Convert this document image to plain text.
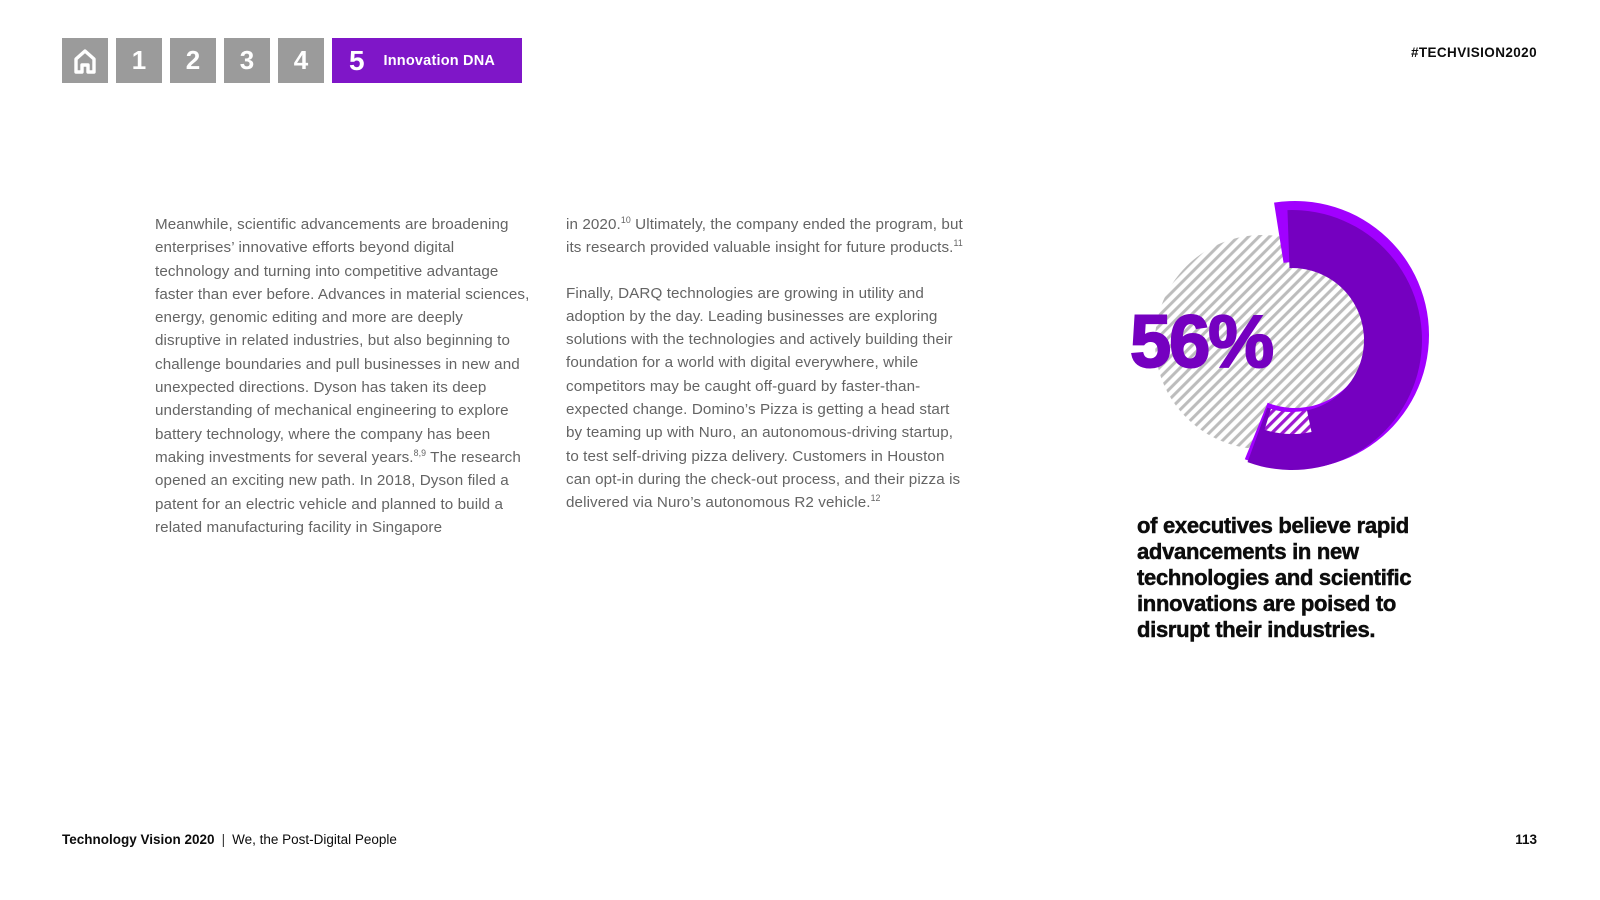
1	2	3	4	5	Innovation DNA	#TECHVISION2020

Meanwhile, scientific advancements are broadening enterprises’ innovative efforts beyond digital technology and turning into competitive advantage faster than ever before. Advances in material sciences, energy, genomic editing and more are deeply disruptive in related industries, but also beginning to challenge boundaries and pull businesses in new and unexpected directions. Dyson has taken its deep understanding of mechanical engineering to explore battery technology, where the company has been making investments for several years.$^{8,9}$ The research opened an exciting new path. In 2018, Dyson filed a patent for an electric vehicle and planned to build a related manufacturing facility in Singapore

in 2020.10 Ultimately, the company ended the program, but its research provided valuable insight for future products.$^{11}$

Finally, DARQ technologies are growing in utility and adoption by the day. Leading businesses are exploring solutions with the technologies and actively building their foundation for a world with digital everywhere, while competitors may be caught off-guard by faster-than-expected change. Domino’s Pizza is getting a head start by teaming up with Nuro, an autonomous-driving startup, to test self-driving pizza delivery. Customers in Houston can opt-in during the check-out process, and their pizza is delivered via Nuro’s autonomous R2 vehicle.$^{12}$

56%
of executives believe rapid advancements in new technologies and scientific innovations are poised to disrupt their industries.
Technology Vision 2020 | We, the Post-Digital People	113
